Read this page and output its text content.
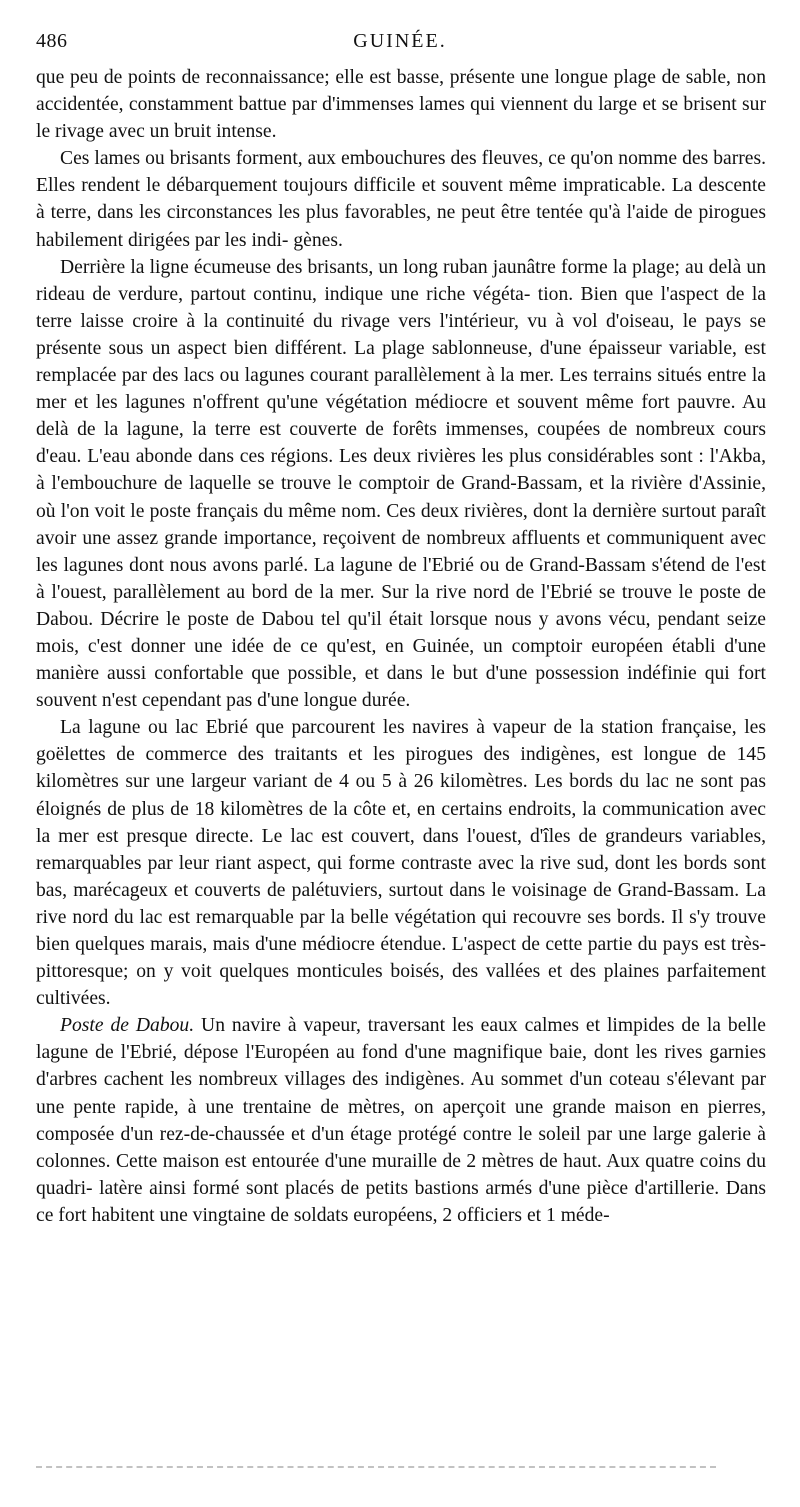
486	GUINÉE.

que peu de points de reconnaissance; elle est basse, présente une longue plage de sable, non accidentée, constamment battue par d'immenses lames qui viennent du large et se brisent sur le rivage avec un bruit intense.

Ces lames ou brisants forment, aux embouchures des fleuves, ce qu'on nomme des barres. Elles rendent le débarquement toujours difficile et souvent même impraticable. La descente à terre, dans les circonstances les plus favorables, ne peut être tentée qu'à l'aide de pirogues habilement dirigées par les indi- gènes.

Derrière la ligne écumeuse des brisants, un long ruban jaunâtre forme la plage; au delà un rideau de verdure, partout continu, indique une riche végéta- tion. Bien que l'aspect de la terre laisse croire à la continuité du rivage vers l'intérieur, vu à vol d'oiseau, le pays se présente sous un aspect bien différent. La plage sablonneuse, d'une épaisseur variable, est remplacée par des lacs ou lagunes courant parallèlement à la mer. Les terrains situés entre la mer et les lagunes n'offrent qu'une végétation médiocre et souvent même fort pauvre. Au delà de la lagune, la terre est couverte de forêts immenses, coupées de nombreux cours d'eau. L'eau abonde dans ces régions. Les deux rivières les plus considérables sont : l'Akba, à l'embouchure de laquelle se trouve le comptoir de Grand-Bassam, et la rivière d'Assinie, où l'on voit le poste français du même nom. Ces deux rivières, dont la dernière surtout paraît avoir une assez grande importance, reçoivent de nombreux affluents et communiquent avec les lagunes dont nous avons parlé. La lagune de l'Ebrié ou de Grand-Bassam s'étend de l'est à l'ouest, parallèlement au bord de la mer. Sur la rive nord de l'Ebrié se trouve le poste de Dabou. Décrire le poste de Dabou tel qu'il était lorsque nous y avons vécu, pendant seize mois, c'est donner une idée de ce qu'est, en Guinée, un comptoir européen établi d'une manière aussi confortable que possible, et dans le but d'une possession indéfinie qui fort souvent n'est cependant pas d'une longue durée.

La lagune ou lac Ebrié que parcourent les navires à vapeur de la station française, les goëlettes de commerce des traitants et les pirogues des indigènes, est longue de 145 kilomètres sur une largeur variant de 4 ou 5 à 26 kilomètres. Les bords du lac ne sont pas éloignés de plus de 18 kilomètres de la côte et, en certains endroits, la communication avec la mer est presque directe. Le lac est couvert, dans l'ouest, d'îles de grandeurs variables, remarquables par leur riant aspect, qui forme contraste avec la rive sud, dont les bords sont bas, marécageux et couverts de palétuviers, surtout dans le voisinage de Grand-Bassam. La rive nord du lac est remarquable par la belle végétation qui recouvre ses bords. Il s'y trouve bien quelques marais, mais d'une médiocre étendue. L'aspect de cette partie du pays est très-pittoresque; on y voit quelques monticules boisés, des vallées et des plaines parfaitement cultivées.

Poste de Dabou. Un navire à vapeur, traversant les eaux calmes et limpides de la belle lagune de l'Ebrié, dépose l'Européen au fond d'une magnifique baie, dont les rives garnies d'arbres cachent les nombreux villages des indigènes. Au sommet d'un coteau s'élevant par une pente rapide, à une trentaine de mètres, on aperçoit une grande maison en pierres, composée d'un rez-de-chaussée et d'un étage protégé contre le soleil par une large galerie à colonnes. Cette maison est entourée d'une muraille de 2 mètres de haut. Aux quatre coins du quadri- latère ainsi formé sont placés de petits bastions armés d'une pièce d'artillerie. Dans ce fort habitent une vingtaine de soldats européens, 2 officiers et 1 méde-
